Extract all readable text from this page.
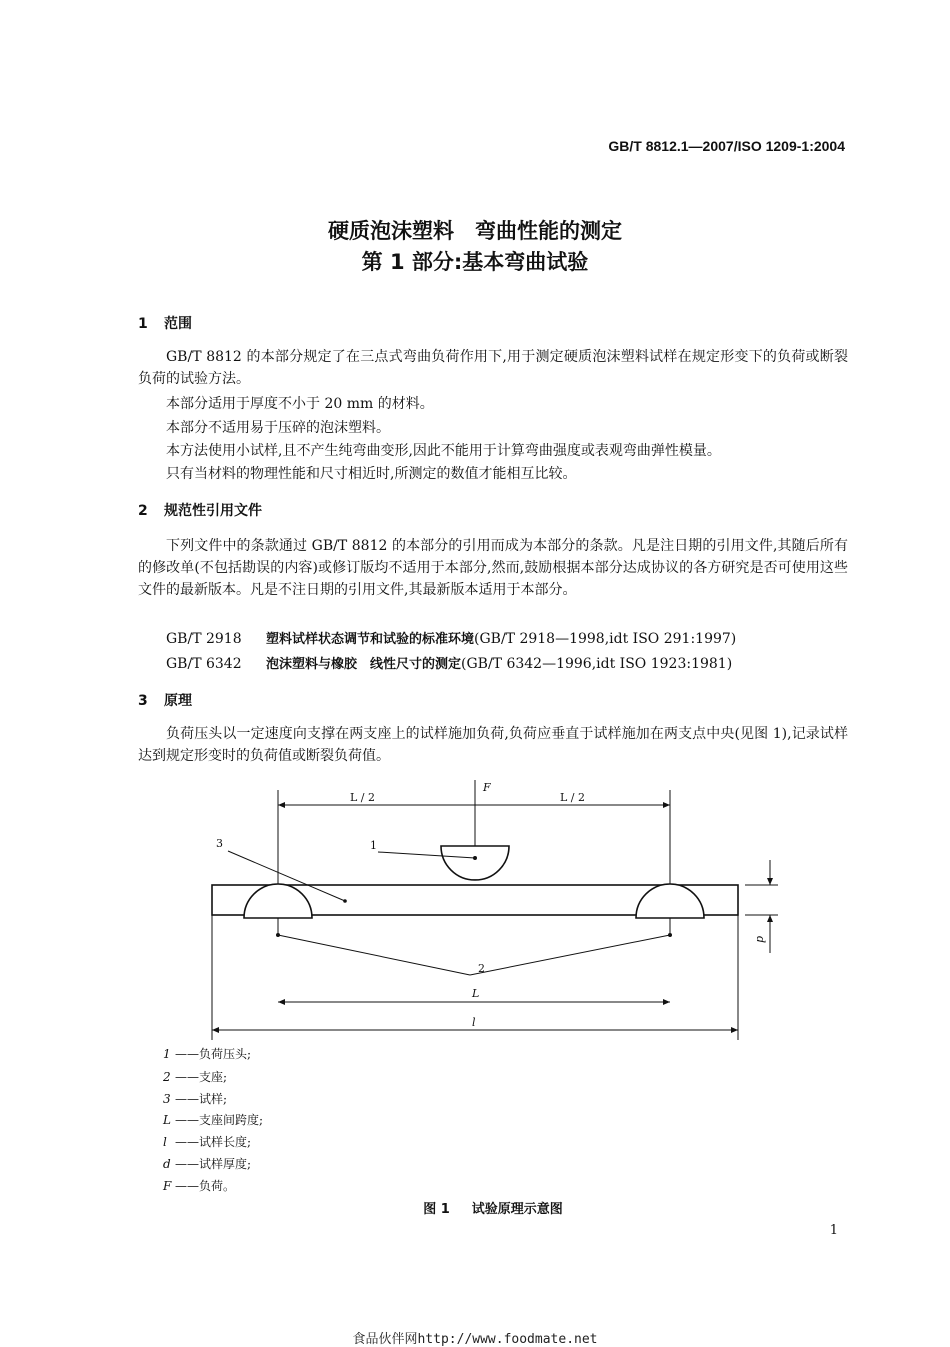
GB/T 8812.1—2007/ISO 1209-1:2004
硬质泡沫塑料　弯曲性能的测定
第 1 部分:基本弯曲试验
1 范围
GB/T 8812 的本部分规定了在三点式弯曲负荷作用下,用于测定硬质泡沫塑料试样在规定形变下的负荷或断裂负荷的试验方法。
本部分适用于厚度不小于 20 mm 的材料。
本部分不适用易于压碎的泡沫塑料。
本方法使用小试样,且不产生纯弯曲变形,因此不能用于计算弯曲强度或表观弯曲弹性模量。
只有当材料的物理性能和尺寸相近时,所测定的数值才能相互比较。
2 规范性引用文件
下列文件中的条款通过 GB/T 8812 的本部分的引用而成为本部分的条款。凡是注日期的引用文件,其随后所有的修改单(不包括勘误的内容)或修订版均不适用于本部分,然而,鼓励根据本部分达成协议的各方研究是否可使用这些文件的最新版本。凡是不注日期的引用文件,其最新版本适用于本部分。
GB/T 2918 塑料试样状态调节和试验的标准环境(GB/T 2918—1998,idt ISO 291:1997)
GB/T 6342 泡沫塑料与橡胶　线性尺寸的测定(GB/T 6342—1996,idt ISO 1923:1981)
3 原理
负荷压头以一定速度向支撑在两支座上的试样施加负荷,负荷应垂直于试样施加在两支点中央(见图 1),记录试样达到规定形变时的负荷值或断裂负荷值。
L / 2	L / 2
F
1
3
2
d
L
l
1 ——负荷压头;
2 ——支座;
3 ——试样;
L ——支座间跨度;
l ——试样长度;
d ——试样厚度;
F ——负荷。
图 1 试验原理示意图
1
食品伙伴网http://www.foodmate.net
